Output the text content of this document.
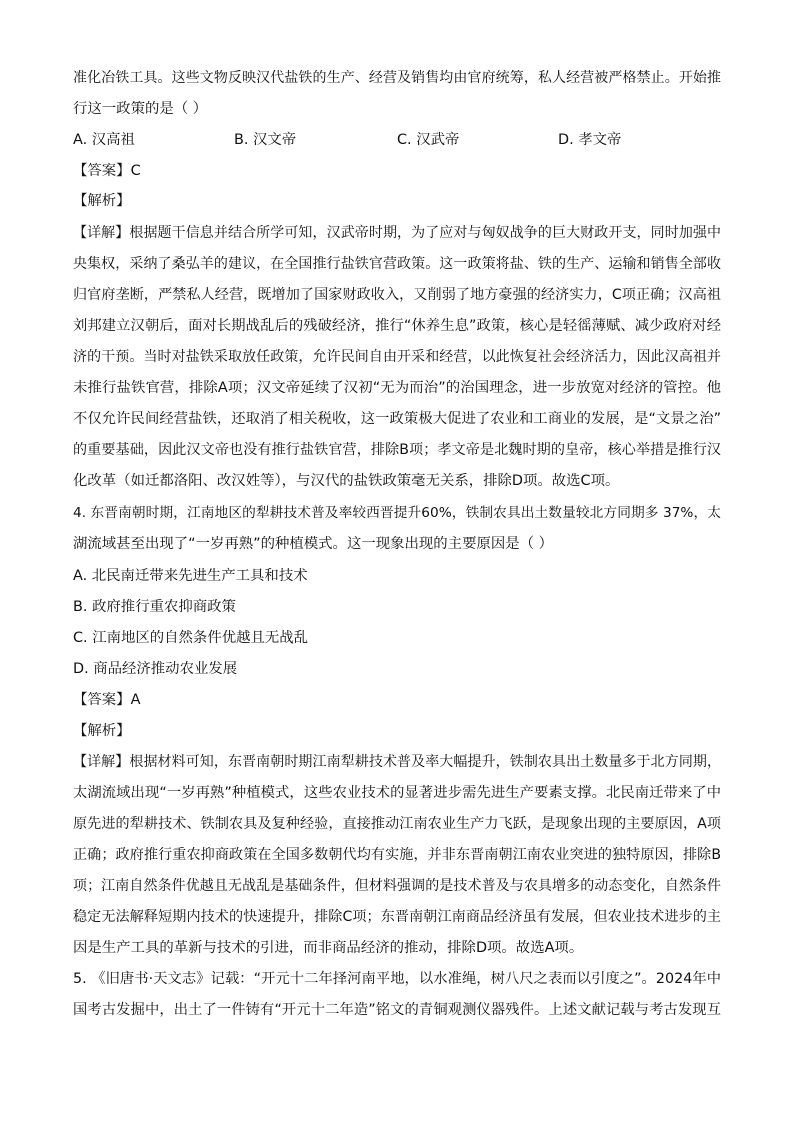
准化冶铁工具。这些文物反映汉代盐铁的生产、经营及销售均由官府统筹，私人经营被严格禁止。开始推
行这一政策的是（ ）
A. 汉高祖	B. 汉文帝	C. 汉武帝	D. 孝文帝
【答案】C
【解析】
【详解】根据题干信息并结合所学可知，汉武帝时期，为了应对与匈奴战争的巨大财政开支，同时加强中
央集权，采纳了桑弘羊的建议，在全国推行盐铁官营政策。这一政策将盐、铁的生产、运输和销售全部收
归官府垄断，严禁私人经营，既增加了国家财政收入，又削弱了地方豪强的经济实力，C项正确；汉高祖
刘邦建立汉朝后，面对长期战乱后的残破经济，推行“休养生息”政策，核心是轻徭薄赋、减少政府对经
济的干预。当时对盐铁采取放任政策，允许民间自由开采和经营，以此恢复社会经济活力，因此汉高祖并
未推行盐铁官营，排除A项；汉文帝延续了汉初“无为而治”的治国理念，进一步放宽对经济的管控。他
不仅允许民间经营盐铁，还取消了相关税收，这一政策极大促进了农业和工商业的发展，是“文景之治”
的重要基础，因此汉文帝也没有推行盐铁官营，排除B项；孝文帝是北魏时期的皇帝，核心举措是推行汉
化改革（如迁都洛阳、改汉姓等），与汉代的盐铁政策毫无关系，排除D项。故选C项。
4. 东晋南朝时期，江南地区的犁耕技术普及率较西晋提升60%，铁制农具出土数量较北方同期多 37%，太
湖流域甚至出现了“一岁再熟”的种植模式。这一现象出现的主要原因是（ ）
A. 北民南迁带来先进生产工具和技术
B. 政府推行重农抑商政策
C. 江南地区的自然条件优越且无战乱
D. 商品经济推动农业发展
【答案】A
【解析】
【详解】根据材料可知，东晋南朝时期江南犁耕技术普及率大幅提升，铁制农具出土数量多于北方同期，
太湖流域出现“一岁再熟”种植模式，这些农业技术的显著进步需先进生产要素支撑。北民南迁带来了中
原先进的犁耕技术、铁制农具及复种经验，直接推动江南农业生产力飞跃，是现象出现的主要原因，A项
正确；政府推行重农抑商政策在全国多数朝代均有实施，并非东晋南朝江南农业突进的独特原因，排除B
项；江南自然条件优越且无战乱是基础条件，但材料强调的是技术普及与农具增多的动态变化，自然条件
稳定无法解释短期内技术的快速提升，排除C项；东晋南朝江南商品经济虽有发展，但农业技术进步的主
因是生产工具的革新与技术的引进，而非商品经济的推动，排除D项。故选A项。
5. 《旧唐书·天文志》记载：“开元十二年择河南平地，以水准绳，树八尺之表而以引度之”。2024年中
国考古发掘中，出土了一件铸有“开元十二年造”铭文的青铜观测仪器残件。上述文献记载与考古发现互
